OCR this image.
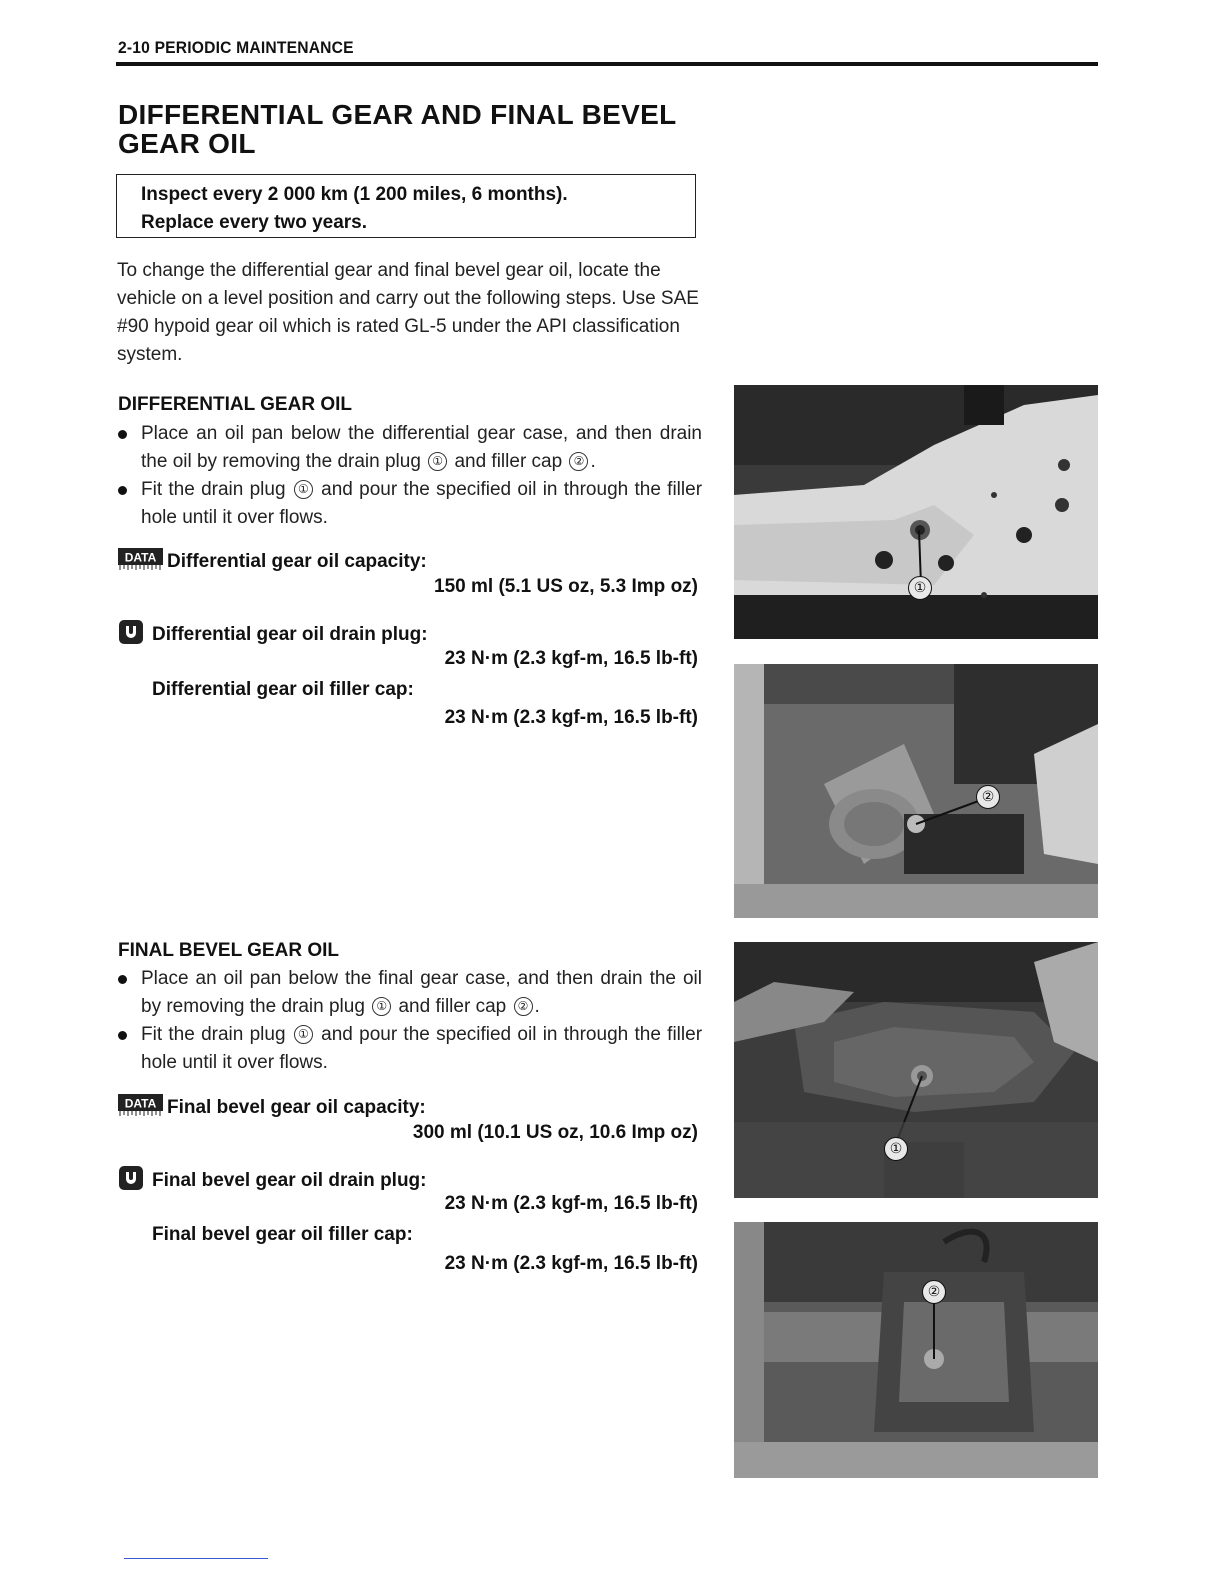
2-10 PERIODIC MAINTENANCE
DIFFERENTIAL GEAR AND FINAL BEVEL
GEAR OIL
Inspect every 2 000 km (1 200 miles, 6 months).
Replace every two years.
To change the differential gear and final bevel gear oil, locate the vehicle on a level position and carry out the following steps. Use SAE #90 hypoid gear oil which is rated GL-5 under the API classification system.
DIFFERENTIAL GEAR OIL
Place an oil pan below the differential gear case, and then drain the oil by removing the drain plug ① and filler cap ② .
Fit the drain plug ① and pour the specified oil in through the filler hole until it over flows.
DATA Differential gear oil capacity:
150 ml (5.1 US oz, 5.3 Imp oz)
Differential gear oil drain plug:
23 N·m (2.3 kgf-m, 16.5 lb-ft)
Differential gear oil filler cap:
23 N·m (2.3 kgf-m, 16.5 lb-ft)
FINAL BEVEL GEAR OIL
Place an oil pan below the final gear case, and then drain the oil by removing the drain plug ① and filler cap ② .
Fit the drain plug ① and pour the specified oil in through the filler hole until it over flows.
DATA Final bevel gear oil capacity:
300 ml (10.1 US oz, 10.6 Imp oz)
Final bevel gear oil drain plug:
23 N·m (2.3 kgf-m, 16.5 lb-ft)
Final bevel gear oil filler cap:
23 N·m (2.3 kgf-m, 16.5 lb-ft)
①
②
①
②
